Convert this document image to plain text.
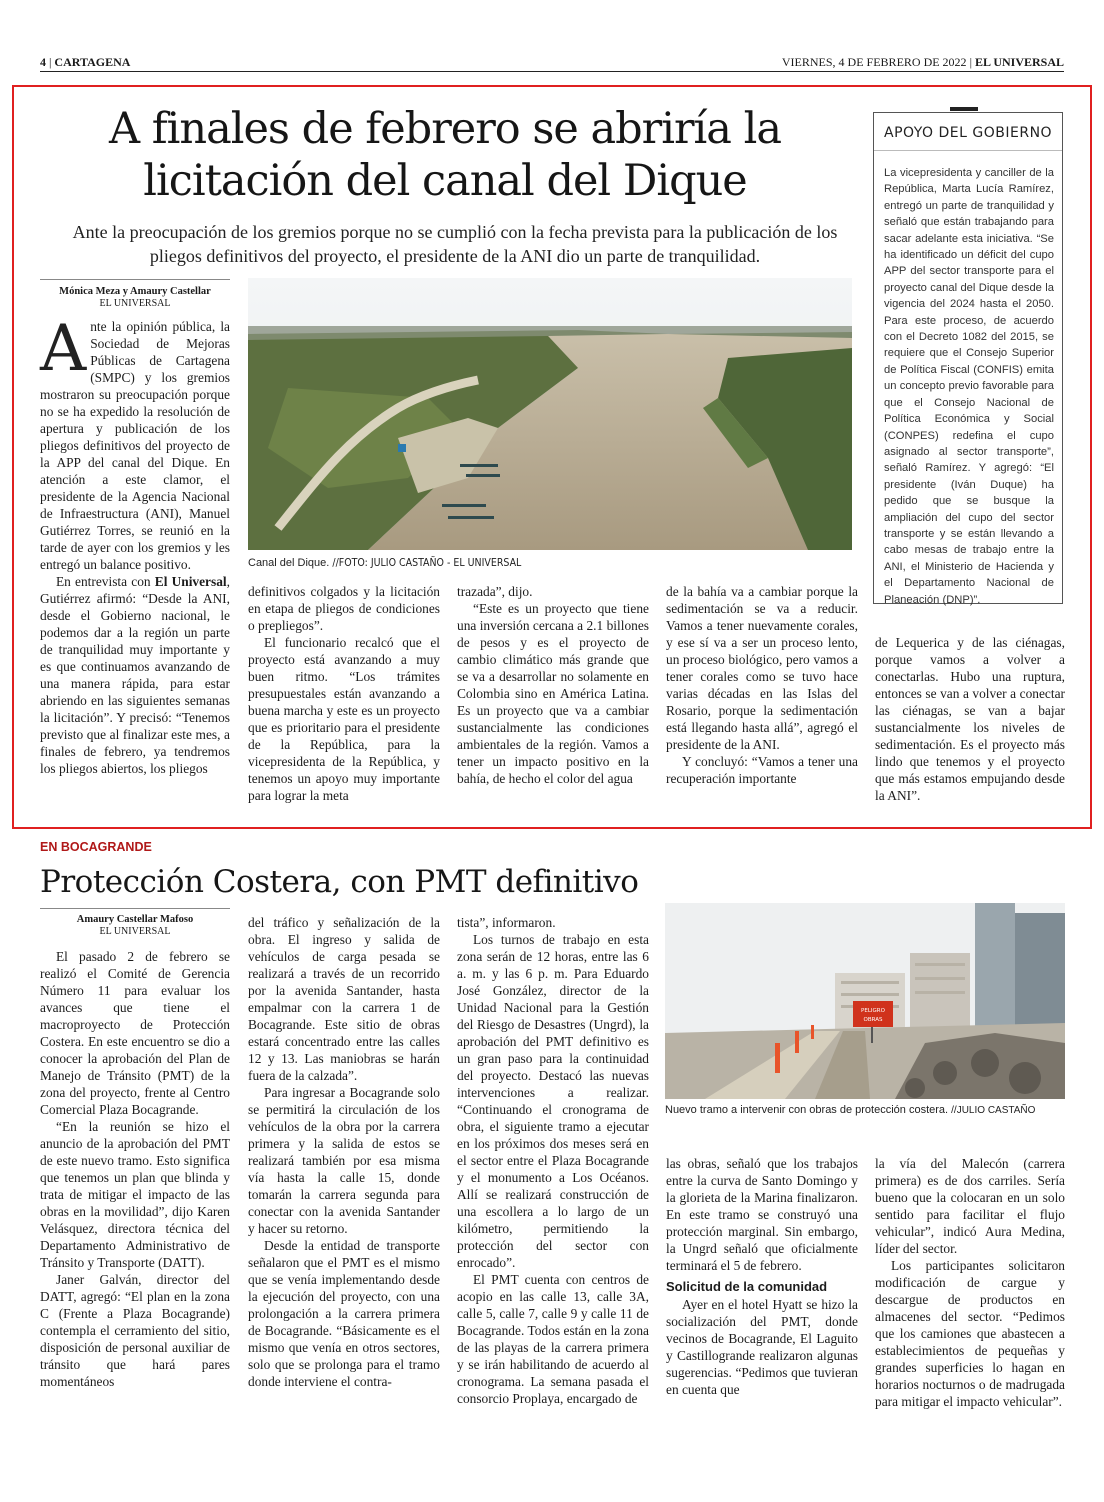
4 | CARTAGENA	VIERNES, 4 DE FEBRERO DE 2022 | EL UNIVERSAL
A finales de febrero se abriría la
licitación del canal del Dique
Ante la preocupación de los gremios porque no se cumplió con la fecha prevista para la publicación de los pliegos definitivos del proyecto, el presidente de la ANI dio un parte de tranquilidad.
APOYO DEL GOBIERNO
La vicepresidenta y canciller de la República, Marta Lucía Ramírez, entregó un parte de tranquilidad y señaló que están trabajando para sacar adelante esta iniciativa. “Se ha identificado un déficit del cupo APP del sector transporte para el proyecto canal del Dique desde la vigencia del 2024 hasta el 2050. Para este proceso, de acuerdo con el Decreto 1082 del 2015, se requiere que el Consejo Superior de Política Fiscal (CONFIS) emita un concepto previo favorable para que el Consejo Nacional de Política Económica y Social (CONPES) redefina el cupo asignado al sector transporte”, señaló Ramírez. Y agregó: “El presidente (Iván Duque) ha pedido que se busque la ampliación del cupo del sector transporte y se están llevando a cabo mesas de trabajo entre la ANI, el Ministerio de Hacienda y el Departamento Nacional de Planeación (DNP)”.
Mónica Meza y Amaury Castellar
EL UNIVERSAL
Canal del Dique. //FOTO: JULIO CASTAÑO - EL UNIVERSAL

Ante la opinión pública, la Sociedad de Mejoras Públicas de Cartagena (SMPC) y los gremios mostraron su preocupación porque no se ha expedido la resolución de apertura y publicación de los pliegos definitivos del proyecto de la APP del canal del Dique. En atención a este clamor, el presidente de la Agencia Nacional de Infraestructura (ANI), Manuel Gutiérrez Torres, se reunió en la tarde de ayer con los gremios y les entregó un balance positivo.

En entrevista con El Universal, Gutiérrez afirmó: “Desde la ANI, desde el Gobierno nacional, le podemos dar a la región un parte de tranquilidad muy importante y es que continuamos avanzando de una manera rápida, para estar abriendo en las siguientes semanas la licitación”. Y precisó: “Tenemos previsto que al finalizar este mes, a finales de febrero, ya tendremos los pliegos abiertos, los pliegos

definitivos colgados y la licitación en etapa de pliegos de condiciones o prepliegos”.

El funcionario recalcó que el proyecto está avanzando a muy buen ritmo. “Los trámites presupuestales están avanzando a buena marcha y este es un proyecto que es prioritario para el presidente de la República, para la vicepresidenta de la República, y tenemos un apoyo muy importante para lograr la meta

trazada”, dijo.

“Este es un proyecto que tiene una inversión cercana a 2.1 billones de pesos y es el proyecto de cambio climático más grande que se va a desarrollar no solamente en Colombia sino en América Latina. Es un proyecto que va a cambiar sustancialmente las condiciones ambientales de la región. Vamos a tener un impacto positivo en la bahía, de hecho el color del agua

de la bahía va a cambiar porque la sedimentación se va a reducir. Vamos a tener nuevamente corales, y ese sí va a ser un proceso lento, un proceso biológico, pero vamos a tener corales como se tuvo hace varias décadas en las Islas del Rosario, porque la sedimentación está llegando hasta allá”, agregó el presidente de la ANI.

Y concluyó: “Vamos a tener una recuperación importante

de Lequerica y de las ciénagas, porque vamos a volver a conectarlas. Hubo una ruptura, entonces se van a volver a conectar las ciénagas, se van a bajar sustancialmente los niveles de sedimentación. Es el proyecto más lindo que tenemos y el proyecto que más estamos empujando desde la ANI”.

EN BOCAGRANDE
Protección Costera, con PMT definitivo
Amaury Castellar Mafoso
EL UNIVERSAL

El pasado 2 de febrero se realizó el Comité de Gerencia Número 11 para evaluar los avances que tiene el macroproyecto de Protección Costera. En este encuentro se dio a conocer la aprobación del Plan de Manejo de Tránsito (PMT) de la zona del proyecto, frente al Centro Comercial Plaza Bocagrande.

“En la reunión se hizo el anuncio de la aprobación del PMT de este nuevo tramo. Esto significa que tenemos un plan que blinda y trata de mitigar el impacto de las obras en la movilidad”, dijo Karen Velásquez, directora técnica del Departamento Administrativo de Tránsito y Transporte (DATT).

Janer Galván, director del DATT, agregó: “El plan en la zona C (Frente a Plaza Bocagrande) contempla el cerramiento del sitio, disposición de personal auxiliar de tránsito que hará pares momentáneos

del tráfico y señalización de la obra. El ingreso y salida de vehículos de carga pesada se realizará a través de un recorrido por la avenida Santander, hasta empalmar con la carrera 1 de Bocagrande. Este sitio de obras estará concentrado entre las calles 12 y 13. Las maniobras se harán fuera de la calzada”.

Para ingresar a Bocagrande solo se permitirá la circulación de los vehículos de la obra por la carrera primera y la salida de estos se realizará también por esa misma vía hasta la calle 15, donde tomarán la carrera segunda para conectar con la avenida Santander y hacer su retorno.

Desde la entidad de transporte señalaron que el PMT es el mismo que se venía implementando desde la ejecución del proyecto, con una prolongación a la carrera primera de Bocagrande. “Básicamente es el mismo que venía en otros sectores, solo que se prolonga para el tramo donde interviene el contra-

tista”, informaron.

Los turnos de trabajo en esta zona serán de 12 horas, entre las 6 a. m. y las 6 p. m. Para Eduardo José González, director de la Unidad Nacional para la Gestión del Riesgo de Desastres (Ungrd), la aprobación del PMT definitivo es un gran paso para la continuidad del proyecto. Destacó las nuevas intervenciones a realizar. “Continuando el cronograma de obra, el siguiente tramo a ejecutar en los próximos dos meses será en el sector entre el Plaza Bocagrande y el monumento a Los Océanos. Allí se realizará construcción de una escollera a lo largo de un kilómetro, permitiendo la protección del sector con enrocado”.

El PMT cuenta con centros de acopio en las calle 13, calle 3A, calle 5, calle 7, calle 9 y calle 11 de Bocagrande. Todos están en la zona de las playas de la carrera primera y se irán habilitando de acuerdo al cronograma. La semana pasada el consorcio Proplaya, encargado de

PELIGRO
OBRAS
Nuevo tramo a intervenir con obras de protección costera. //JULIO CASTAÑO

las obras, señaló que los trabajos entre la curva de Santo Domingo y la glorieta de la Marina finalizaron. En este tramo se construyó una protección marginal. Sin embargo, la Ungrd señaló que oficialmente terminará el 5 de febrero.

Solicitud de la comunidad

Ayer en el hotel Hyatt se hizo la socialización del PMT, donde vecinos de Bocagrande, El Laguito y Castillogrande realizaron algunas sugerencias. “Pedimos que tuvieran en cuenta que

la vía del Malecón (carrera primera) es de dos carriles. Sería bueno que la colocaran en un solo sentido para facilitar el flujo vehicular”, indicó Aura Medina, líder del sector.

Los participantes solicitaron modificación de cargue y descargue de productos en almacenes del sector. “Pedimos que los camiones que abastecen a establecimientos de pequeñas y grandes superficies lo hagan en horarios nocturnos o de madrugada para mitigar el impacto vehicular”.
